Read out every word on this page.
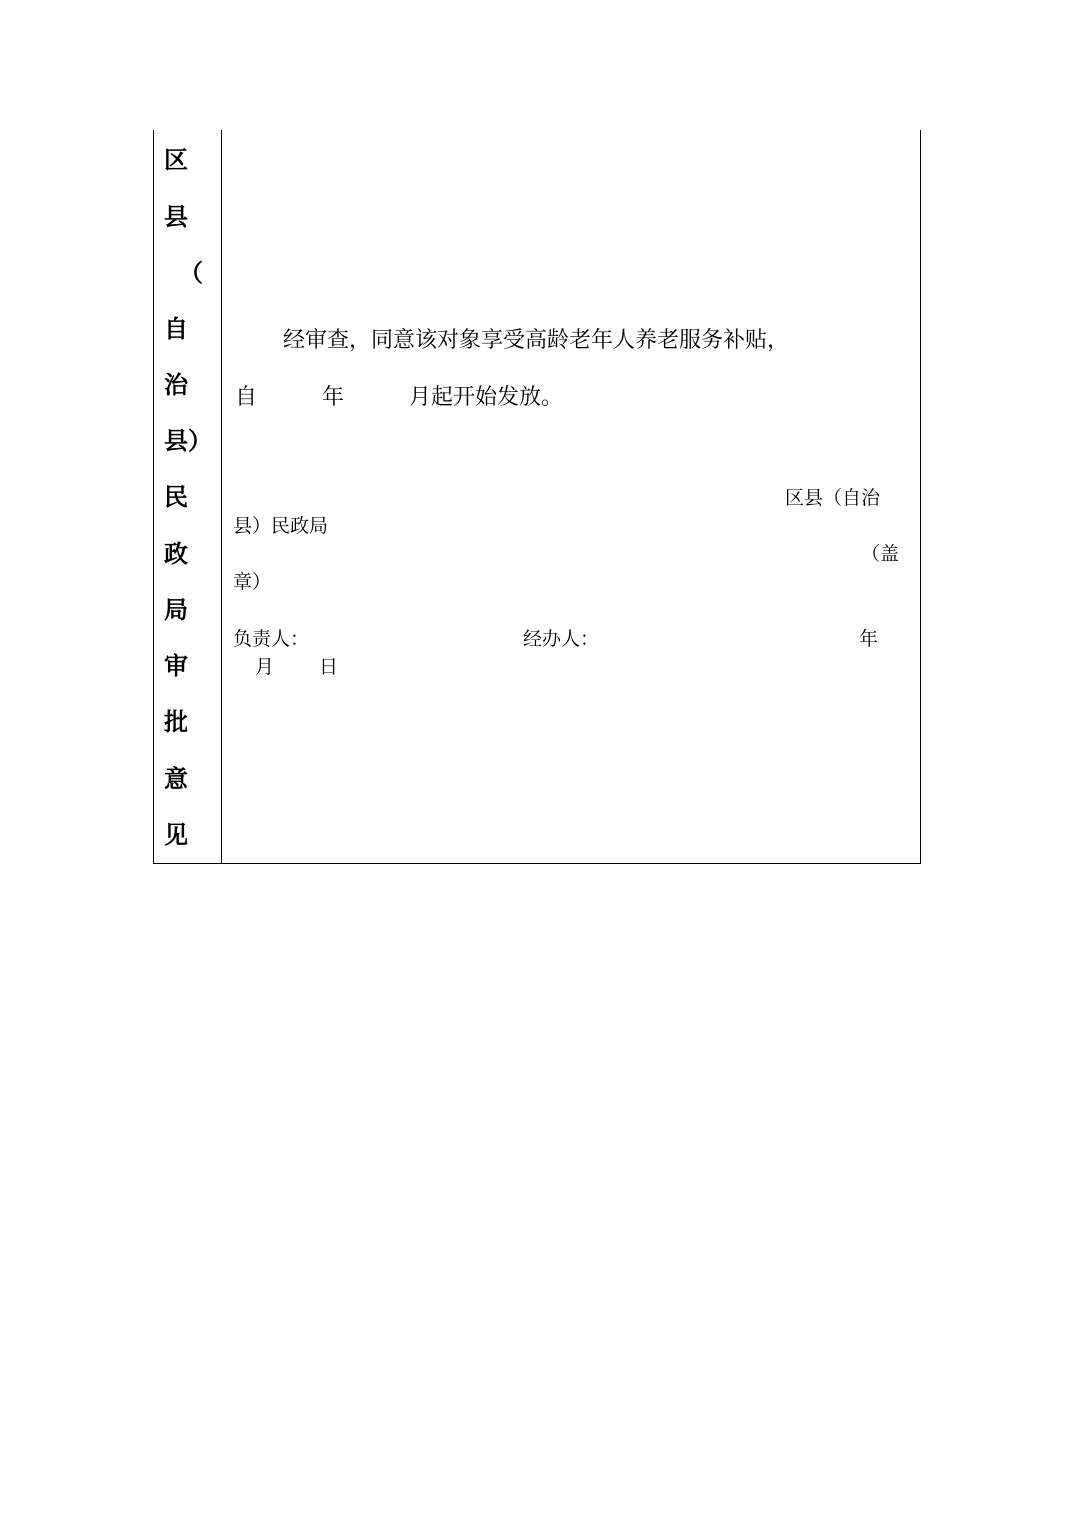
区
县
（
自
治
县）
民
政
局
审
批
意
见
经审查，同意该对象享受高龄老年人养老服务补贴，
自	年	月起开始发放。
区县（自治
县）民政局
（盖
章）
负责人：	经办人：	年
月 日
